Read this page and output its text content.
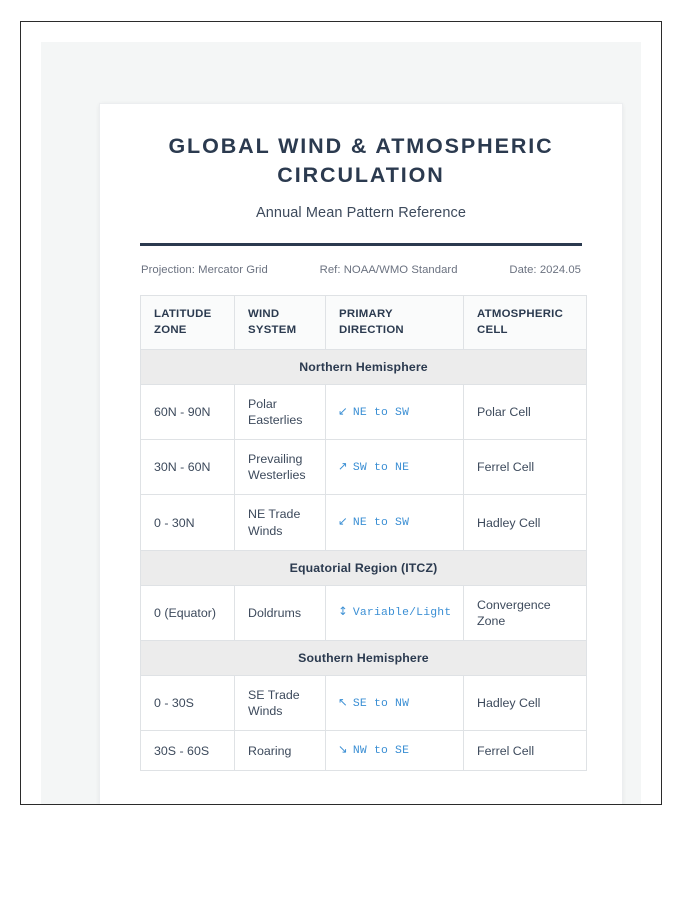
GLOBAL WIND & ATMOSPHERIC CIRCULATION
Annual Mean Pattern Reference
Projection: Mercator Grid	Ref: NOAA/WMO Standard	Date: 2024.05
LATITUDE ZONE	WIND SYSTEM	PRIMARY DIRECTION	ATMOSPHERIC CELL
Northern Hemisphere			
60N - 90N	Polar Easterlies	↙ NE to SW	Polar Cell
30N - 60N	Prevailing Westerlies	↗ SW to NE	Ferrel Cell
0 - 30N	NE Trade Winds	↙ NE to SW	Hadley Cell
Equatorial Region (ITCZ)			
0 (Equator)	Doldrums	↕ Variable/Light	Convergence Zone
Southern Hemisphere			
0 - 30S	SE Trade Winds	↖ SE to NW	Hadley Cell
30S - 60S	Roaring	↘ NW to SE	Ferrel Cell
